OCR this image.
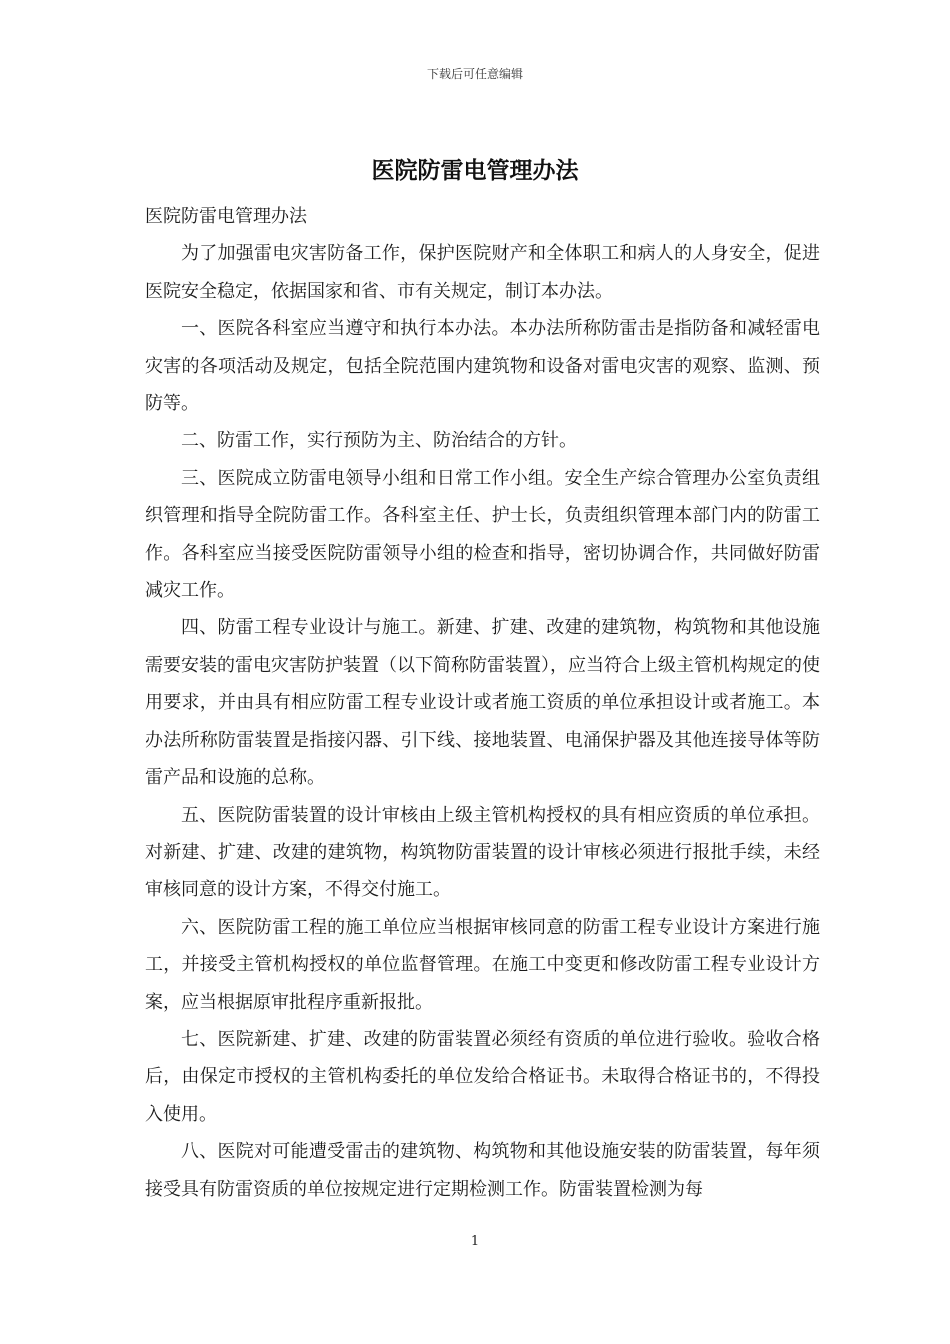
下载后可任意编辑
医院防雷电管理办法

医院防雷电管理办法

为了加强雷电灾害防备工作，保护医院财产和全体职工和病人的人身安全，促进医院安全稳定，依据国家和省、市有关规定，制订本办法。

一、医院各科室应当遵守和执行本办法。本办法所称防雷击是指防备和减轻雷电灾害的各项活动及规定，包括全院范围内建筑物和设备对雷电灾害的观察、监测、预防等。

二、防雷工作，实行预防为主、防治结合的方针。

三、医院成立防雷电领导小组和日常工作小组。安全生产综合管理办公室负责组织管理和指导全院防雷工作。各科室主任、护士长，负责组织管理本部门内的防雷工作。各科室应当接受医院防雷领导小组的检查和指导，密切协调合作，共同做好防雷减灾工作。

四、防雷工程专业设计与施工。新建、扩建、改建的建筑物，构筑物和其他设施需要安装的雷电灾害防护装置（以下简称防雷装置），应当符合上级主管机构规定的使用要求，并由具有相应防雷工程专业设计或者施工资质的单位承担设计或者施工。本办法所称防雷装置是指接闪器、引下线、接地装置、电涌保护器及其他连接导体等防雷产品和设施的总称。

五、医院防雷装置的设计审核由上级主管机构授权的具有相应资质的单位承担。对新建、扩建、改建的建筑物，构筑物防雷装置的设计审核必须进行报批手续，未经审核同意的设计方案，不得交付施工。

六、医院防雷工程的施工单位应当根据审核同意的防雷工程专业设计方案进行施工，并接受主管机构授权的单位监督管理。在施工中变更和修改防雷工程专业设计方案，应当根据原审批程序重新报批。

七、医院新建、扩建、改建的防雷装置必须经有资质的单位进行验收。验收合格后，由保定市授权的主管机构委托的单位发给合格证书。未取得合格证书的，不得投入使用。

八、医院对可能遭受雷击的建筑物、构筑物和其他设施安装的防雷装置，每年须接受具有防雷资质的单位按规定进行定期检测工作。防雷装置检测为每

1
